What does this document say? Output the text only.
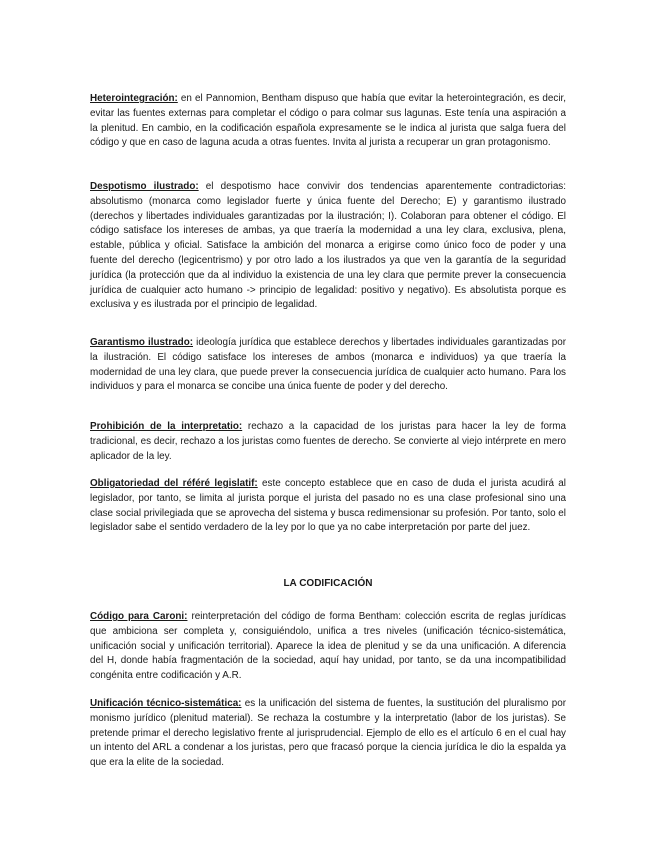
Heterointegración: en el Pannomion, Bentham dispuso que había que evitar la heterointegración, es decir, evitar las fuentes externas para completar el código o para colmar sus lagunas. Este tenía una aspiración a la plenitud. En cambio, en la codificación española expresamente se le indica al jurista que salga fuera del código y que en caso de laguna acuda a otras fuentes. Invita al jurista a recuperar un gran protagonismo.

Despotismo ilustrado: el despotismo hace convivir dos tendencias aparentemente contradictorias: absolutismo (monarca como legislador fuerte y única fuente del Derecho; E) y garantismo ilustrado (derechos y libertades individuales garantizadas por la ilustración; I). Colaboran para obtener el código. El código satisface los intereses de ambas, ya que traería la modernidad a una ley clara, exclusiva, plena, estable, pública y oficial. Satisface la ambición del monarca a erigirse como único foco de poder y una fuente del derecho (legicentrismo) y por otro lado a los ilustrados ya que ven la garantía de la seguridad jurídica (la protección que da al individuo la existencia de una ley clara que permite prever la consecuencia jurídica de cualquier acto humano -> principio de legalidad: positivo y negativo). Es absolutista porque es exclusiva y es ilustrada por el principio de legalidad.

Garantismo ilustrado: ideología jurídica que establece derechos y libertades individuales garantizadas por la ilustración. El código satisface los intereses de ambos (monarca e individuos) ya que traería la modernidad de una ley clara, que puede prever la consecuencia jurídica de cualquier acto humano. Para los individuos y para el monarca se concibe una única fuente de poder y del derecho.

Prohibición de la interpretatio: rechazo a la capacidad de los juristas para hacer la ley de forma tradicional, es decir, rechazo a los juristas como fuentes de derecho. Se convierte al viejo intérprete en mero aplicador de la ley.

Obligatoriedad del référé legislatif: este concepto establece que en caso de duda el jurista acudirá al legislador, por tanto, se limita al jurista porque el jurista del pasado no es una clase profesional sino una clase social privilegiada que se aprovecha del sistema y busca redimensionar su profesión. Por tanto, solo el legislador sabe el sentido verdadero de la ley por lo que ya no cabe interpretación por parte del juez.

LA CODIFICACIÓN

Código para Caroni: reinterpretación del código de forma Bentham: colección escrita de reglas jurídicas que ambiciona ser completa y, consiguiéndolo, unifica a tres niveles (unificación técnico-sistemática, unificación social y unificación territorial). Aparece la idea de plenitud y se da una unificación. A diferencia del H, donde había fragmentación de la sociedad, aquí hay unidad, por tanto, se da una incompatibilidad congénita entre codificación y A.R.

Unificación técnico-sistemática: es la unificación del sistema de fuentes, la sustitución del pluralismo por monismo jurídico (plenitud material). Se rechaza la costumbre y la interpretatio (labor de los juristas). Se pretende primar el derecho legislativo frente al jurisprudencial. Ejemplo de ello es el artículo 6 en el cual hay un intento del ARL a condenar a los juristas, pero que fracasó porque la ciencia jurídica le dio la espalda ya que era la elite de la sociedad.
